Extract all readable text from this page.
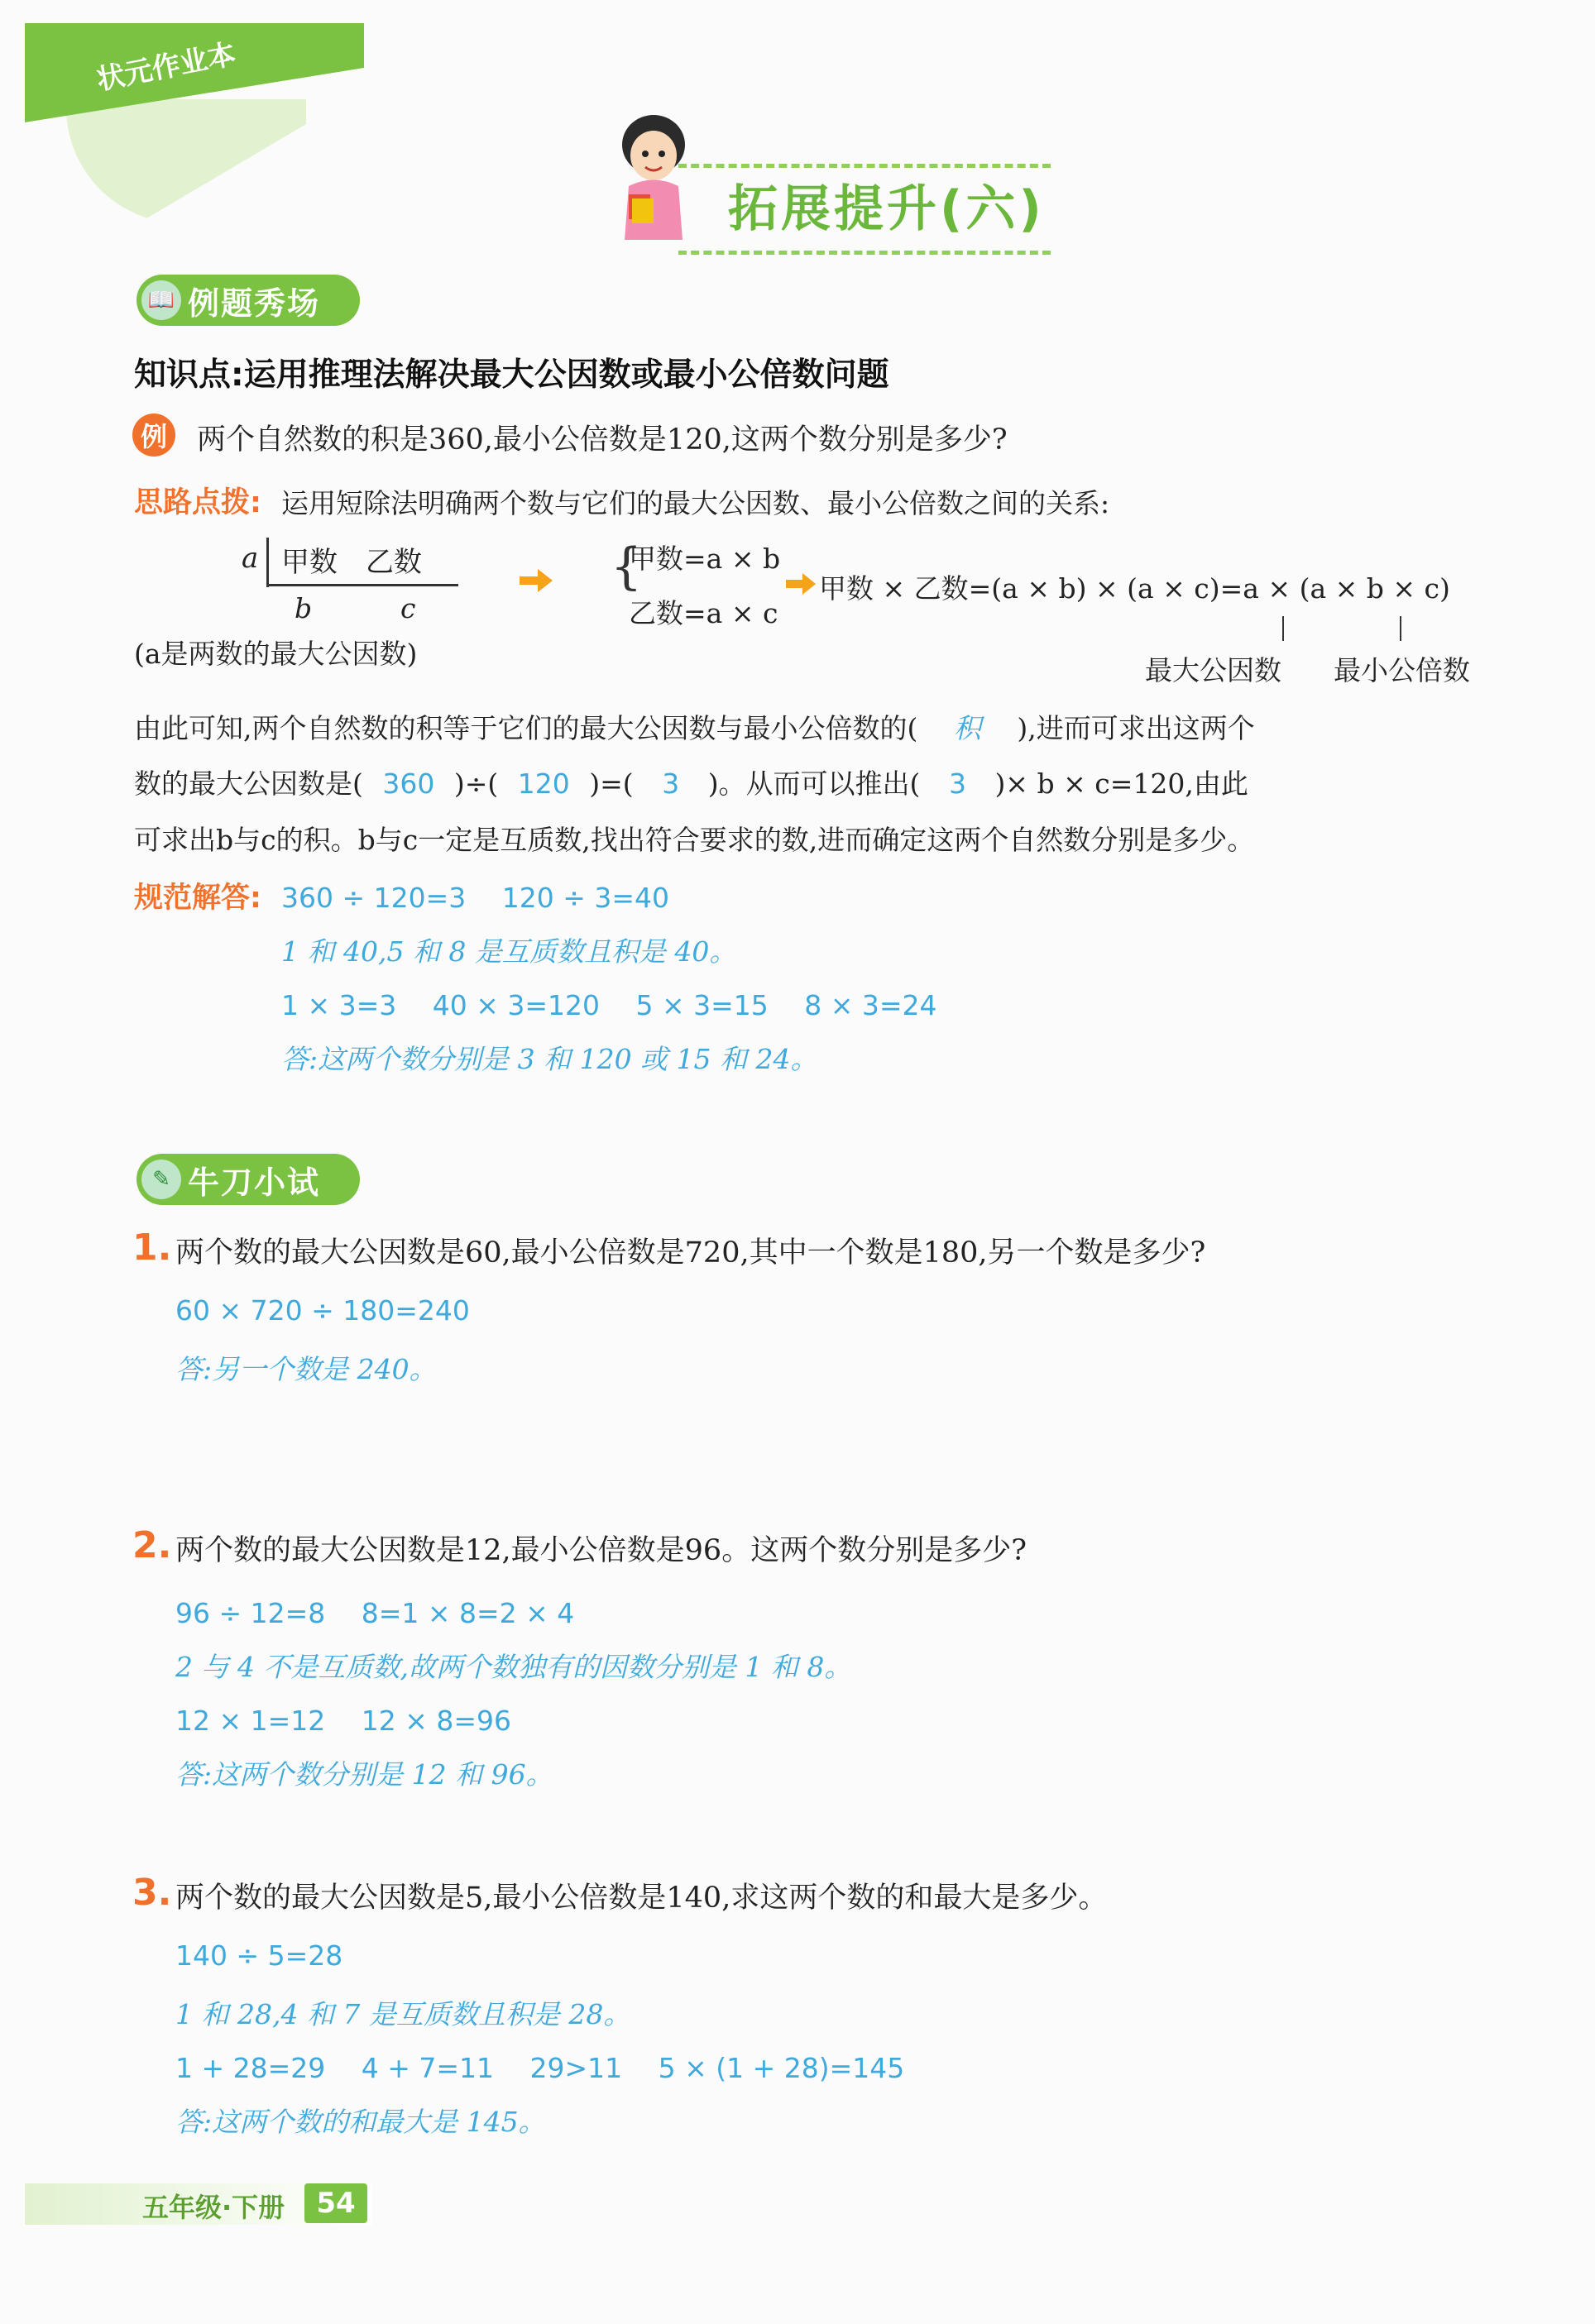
状元作业本
拓展提升(六)
📖 例题秀场
知识点:运用推理法解决最大公因数或最小公倍数问题
例 两个自然数的积是360,最小公倍数是120,这两个数分别是多少?
思路点拨: 运用短除法明确两个数与它们的最大公因数、最小公倍数之间的关系:
a 甲数　乙数
b	c
(a是两数的最大公因数)
{
甲数=a × b
乙数=a × c
甲数 × 乙数=(a × b) × (a × c)=a × (a × b × c)
最大公因数 最小公倍数
由此可知,两个自然数的积等于它们的最大公因数与最小公倍数的( 积 ),进而可求出这两个
数的最大公因数是( 360 )÷( 120 )=( 3 )。从而可以推出( 3 )× b × c=120,由此
可求出b与c的积。b与c一定是互质数,找出符合要求的数,进而确定这两个自然数分别是多少。
规范解答: 360 ÷ 120=3　 120 ÷ 3=40
1 和 40,5 和 8 是互质数且积是 40。
1 × 3=3　 40 × 3=120　 5 × 3=15　 8 × 3=24
答:这两个数分别是 3 和 120 或 15 和 24。
✎ 牛刀小试
1. 两个数的最大公因数是60,最小公倍数是720,其中一个数是180,另一个数是多少?
60 × 720 ÷ 180=240
答:另一个数是 240。
2. 两个数的最大公因数是12,最小公倍数是96。这两个数分别是多少?
96 ÷ 12=8　 8=1 × 8=2 × 4
2 与 4 不是互质数,故两个数独有的因数分别是 1 和 8。
12 × 1=12　 12 × 8=96
答:这两个数分别是 12 和 96。
3. 两个数的最大公因数是5,最小公倍数是140,求这两个数的和最大是多少。
140 ÷ 5=28
1 和 28,4 和 7 是互质数且积是 28。
1 + 28=29　 4 + 7=11　 29>11　 5 × (1 + 28)=145
答:这两个数的和最大是 145。
五年级·下册	54
